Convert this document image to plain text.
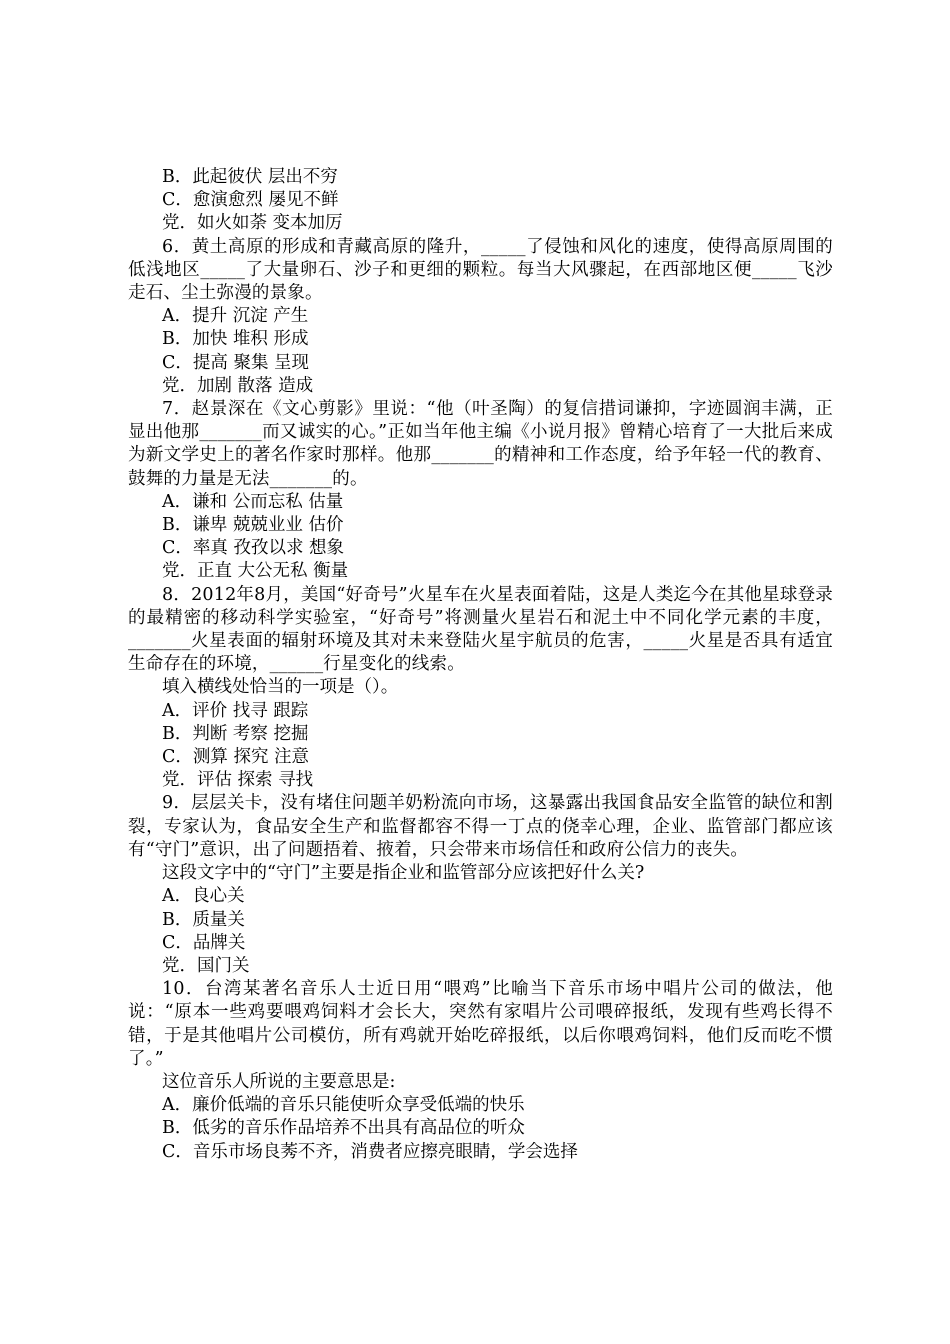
B．此起彼伏 层出不穷

C．愈演愈烈 屡见不鲜

党．如火如荼 变本加厉

6．黄土高原的形成和青藏高原的隆升，_____了侵蚀和风化的速度，使得高原周围的低浅地区_____了大量卵石、沙子和更细的颗粒。每当大风骤起，在西部地区便_____飞沙走石、尘土弥漫的景象。

A．提升 沉淀 产生

B．加快 堆积 形成

C．提高 聚集 呈现

党．加剧 散落 造成

7．赵景深在《文心剪影》里说：“他（叶圣陶）的复信措词谦抑，字迹圆润丰满，正显出他那_______而又诚实的心。”正如当年他主编《小说月报》曾精心培育了一大批后来成为新文学史上的著名作家时那样。他那_______的精神和工作态度，给予年轻一代的教育、鼓舞的力量是无法_______的。

A．谦和 公而忘私 估量

B．谦卑 兢兢业业 估价

C．率真 孜孜以求 想象

党．正直 大公无私 衡量

8．2012年8月，美国“好奇号”火星车在火星表面着陆，这是人类迄今在其他星球登录的最精密的移动科学实验室，“好奇号”将测量火星岩石和泥土中不同化学元素的丰度，_______火星表面的辐射环境及其对未来登陆火星宇航员的危害，_____火星是否具有适宜生命存在的环境，______行星变化的线索。

填入横线处恰当的一项是（）。

A．评价 找寻 跟踪

B．判断 考察 挖掘

C．测算 探究 注意

党．评估 探索 寻找

9．层层关卡，没有堵住问题羊奶粉流向市场，这暴露出我国食品安全监管的缺位和割裂，专家认为，食品安全生产和监督都容不得一丁点的侥幸心理，企业、监管部门都应该有“守门”意识，出了问题捂着、掖着，只会带来市场信任和政府公信力的丧失。

这段文字中的“守门”主要是指企业和监管部分应该把好什么关?

A．良心关

B．质量关

C．品牌关

党．国门关

10．台湾某著名音乐人士近日用“喂鸡”比喻当下音乐市场中唱片公司的做法，他说：“原本一些鸡要喂鸡饲料才会长大，突然有家唱片公司喂碎报纸，发现有些鸡长得不错，于是其他唱片公司模仿，所有鸡就开始吃碎报纸，以后你喂鸡饲料，他们反而吃不惯了。”

这位音乐人所说的主要意思是:

A．廉价低端的音乐只能使听众享受低端的快乐

B．低劣的音乐作品培养不出具有高品位的听众

C．音乐市场良莠不齐，消费者应擦亮眼睛，学会选择
